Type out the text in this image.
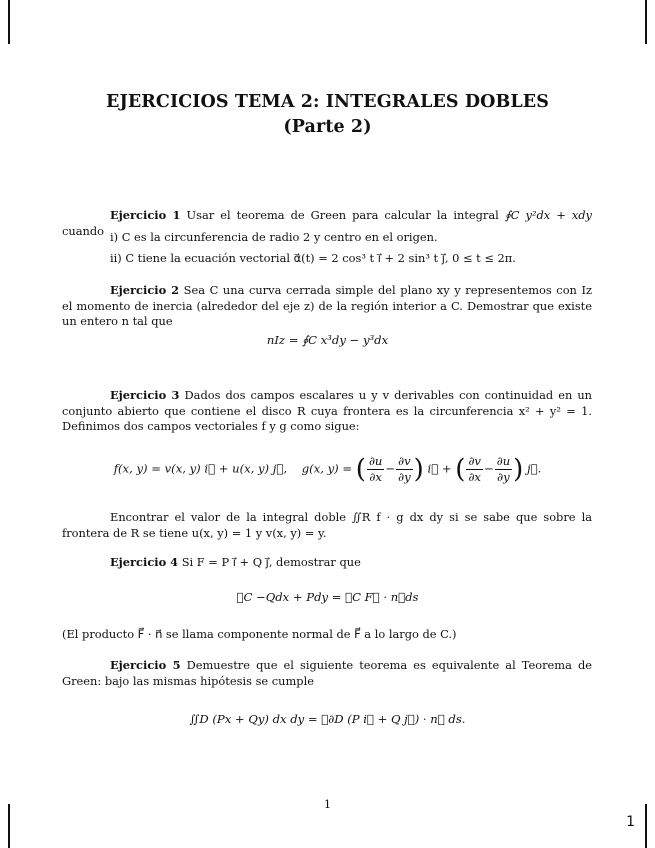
EJERCICIOS TEMA 2: INTEGRALES DOBLES
(Parte 2)
Ejercicio 1 Usar el teorema de Green para calcular la integral ∮C y²dx + xdy cuando i) C es la circunferencia de radio 2 y centro en el origen.
ii) C tiene la ecuación vectorial α⃗(t) = 2 cos³ t i⃗ + 2 sin³ t j⃗, 0 ≤ t ≤ 2π.
Ejercicio 2 Sea C una curva cerrada simple del plano xy y representemos con Iz el momento de inercia (alrededor del eje z) de la región interior a C. Demostrar que existe un entero n tal que
nIz = ∮C x³dy − y³dx
Ejercicio 3 Dados dos campos escalares u y v derivables con continuidad en un conjunto abierto que contiene el disco R cuya frontera es la circunferencia x² + y² = 1. Definimos dos campos vectoriales f y g como sigue:
f(x, y) = v(x, y) i⃗ + u(x, y) j⃗, g(x, y) = ( $\frac{\partial u}{\partial x} - \frac{\partial v}{\partial y}$ ) i⃗ + ( $\frac{\partial v}{\partial x} - \frac{\partial u}{\partial y}$ ) j⃗.
Encontrar el valor de la integral doble ∬R f · g dx dy si se sabe que sobre la frontera de R se tiene u(x, y) = 1 y v(x, y) = y.
Ejercicio 4 Si F = P i⃗ + Q j⃗, demostrar que
∮C −Qdx + Pdy = ∮C F⃗ · n⃗ds
(El producto F⃗ · n⃗ se llama componente normal de F⃗ a lo largo de C.)
Ejercicio 5 Demuestre que el siguiente teorema es equivalente al Teorema de Green: bajo las mismas hipótesis se cumple
∬D (Px + Qy) dx dy = ∮∂D (P i⃗ + Q j⃗) · n⃗ ds.
1
1
